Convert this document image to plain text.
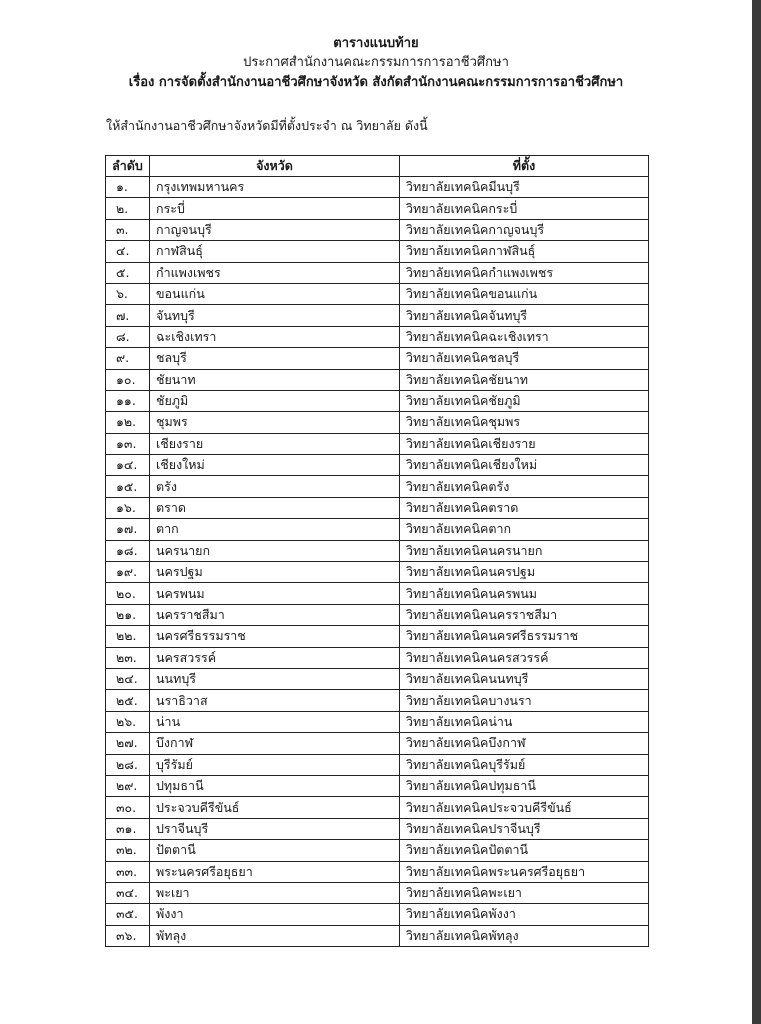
ตารางแนบท้าย
ประกาศสำนักงานคณะกรรมการการอาชีวศึกษา
เรื่อง การจัดตั้งสำนักงานอาชีวศึกษาจังหวัด สังกัดสำนักงานคณะกรรมการการอาชีวศึกษา
ให้สำนักงานอาชีวศึกษาจังหวัดมีที่ตั้งประจำ ณ วิทยาลัย ดังนี้
ลำดับ	จังหวัด	ที่ตั้ง
๑.	กรุงเทพมหานคร	วิทยาลัยเทคนิคมีนบุรี
๒.	กระบี่	วิทยาลัยเทคนิคกระบี่
๓.	กาญจนบุรี	วิทยาลัยเทคนิคกาญจนบุรี
๔.	กาฬสินธุ์	วิทยาลัยเทคนิคกาฬสินธุ์
๕.	กำแพงเพชร	วิทยาลัยเทคนิคกำแพงเพชร
๖.	ขอนแก่น	วิทยาลัยเทคนิคขอนแก่น
๗.	จันทบุรี	วิทยาลัยเทคนิคจันทบุรี
๘.	ฉะเชิงเทรา	วิทยาลัยเทคนิคฉะเชิงเทรา
๙.	ชลบุรี	วิทยาลัยเทคนิคชลบุรี
๑๐.	ชัยนาท	วิทยาลัยเทคนิคชัยนาท
๑๑.	ชัยภูมิ	วิทยาลัยเทคนิคชัยภูมิ
๑๒.	ชุมพร	วิทยาลัยเทคนิคชุมพร
๑๓.	เชียงราย	วิทยาลัยเทคนิคเชียงราย
๑๔.	เชียงใหม่	วิทยาลัยเทคนิคเชียงใหม่
๑๕.	ตรัง	วิทยาลัยเทคนิคตรัง
๑๖.	ตราด	วิทยาลัยเทคนิคตราด
๑๗.	ตาก	วิทยาลัยเทคนิคตาก
๑๘.	นครนายก	วิทยาลัยเทคนิคนครนายก
๑๙.	นครปฐม	วิทยาลัยเทคนิคนครปฐม
๒๐.	นครพนม	วิทยาลัยเทคนิคนครพนม
๒๑.	นครราชสีมา	วิทยาลัยเทคนิคนครราชสีมา
๒๒.	นครศรีธรรมราช	วิทยาลัยเทคนิคนครศรีธรรมราช
๒๓.	นครสวรรค์	วิทยาลัยเทคนิคนครสวรรค์
๒๔.	นนทบุรี	วิทยาลัยเทคนิคนนทบุรี
๒๕.	นราธิวาส	วิทยาลัยเทคนิคบางนรา
๒๖.	น่าน	วิทยาลัยเทคนิคน่าน
๒๗.	บึงกาฬ	วิทยาลัยเทคนิคบึงกาฬ
๒๘.	บุรีรัมย์	วิทยาลัยเทคนิคบุรีรัมย์
๒๙.	ปทุมธานี	วิทยาลัยเทคนิคปทุมธานี
๓๐.	ประจวบคีรีขันธ์	วิทยาลัยเทคนิคประจวบคีรีขันธ์
๓๑.	ปราจีนบุรี	วิทยาลัยเทคนิคปราจีนบุรี
๓๒.	ปัตตานี	วิทยาลัยเทคนิคปัตตานี
๓๓.	พระนครศรีอยุธยา	วิทยาลัยเทคนิคพระนครศรีอยุธยา
๓๔.	พะเยา	วิทยาลัยเทคนิคพะเยา
๓๕.	พังงา	วิทยาลัยเทคนิคพังงา
๓๖.	พัทลุง	วิทยาลัยเทคนิคพัทลุง
